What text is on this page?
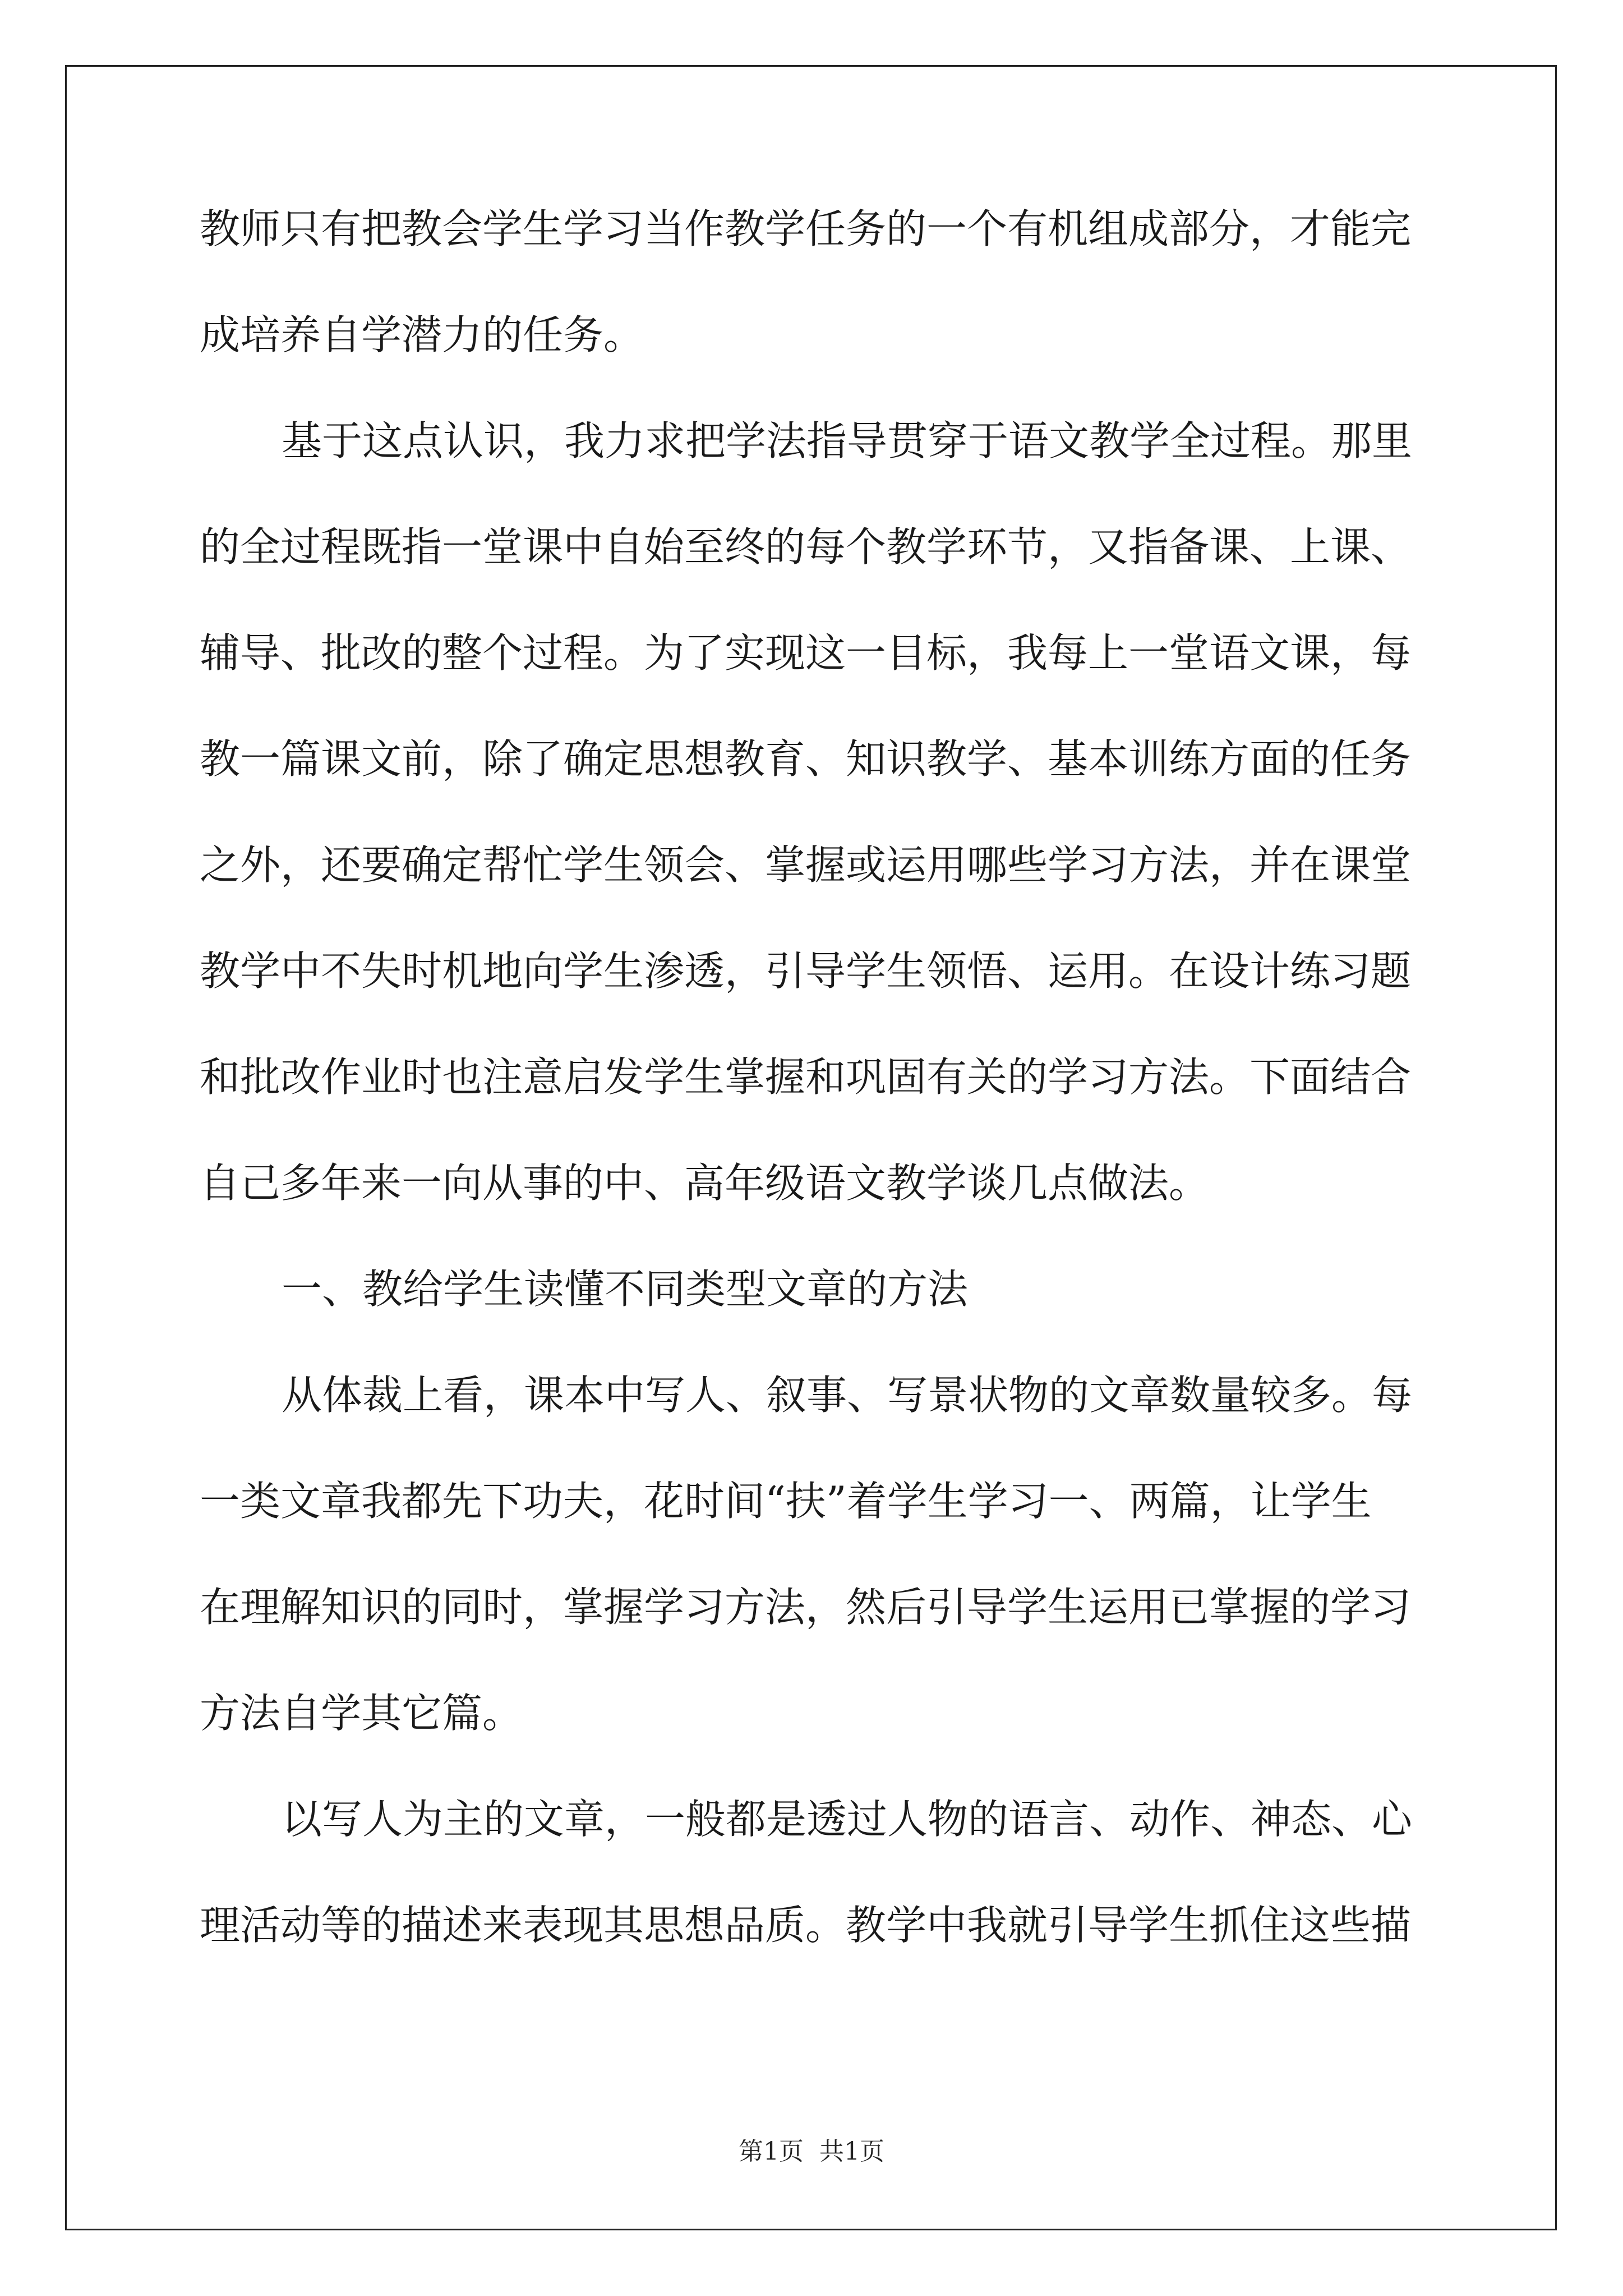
教师只有把教会学生学习当作教学任务的一个有机组成部分，才能完
成培养自学潜力的任务。
基于这点认识，我力求把学法指导贯穿于语文教学全过程。那里
的全过程既指一堂课中自始至终的每个教学环节，又指备课、上课、
辅导、批改的整个过程。为了实现这一目标，我每上一堂语文课，每
教一篇课文前，除了确定思想教育、知识教学、基本训练方面的任务
之外，还要确定帮忙学生领会、掌握或运用哪些学习方法，并在课堂
教学中不失时机地向学生渗透，引导学生领悟、运用。在设计练习题
和批改作业时也注意启发学生掌握和巩固有关的学习方法。下面结合
自己多年来一向从事的中、高年级语文教学谈几点做法。
一、教给学生读懂不同类型文章的方法
从体裁上看，课本中写人、叙事、写景状物的文章数量较多。每
一类文章我都先下功夫，花时间“扶”着学生学习一、两篇，让学生
在理解知识的同时，掌握学习方法，然后引导学生运用已掌握的学习
方法自学其它篇。
以写人为主的文章，一般都是透过人物的语言、动作、神态、心
理活动等的描述来表现其思想品质。教学中我就引导学生抓住这些描
第1页 共1页
